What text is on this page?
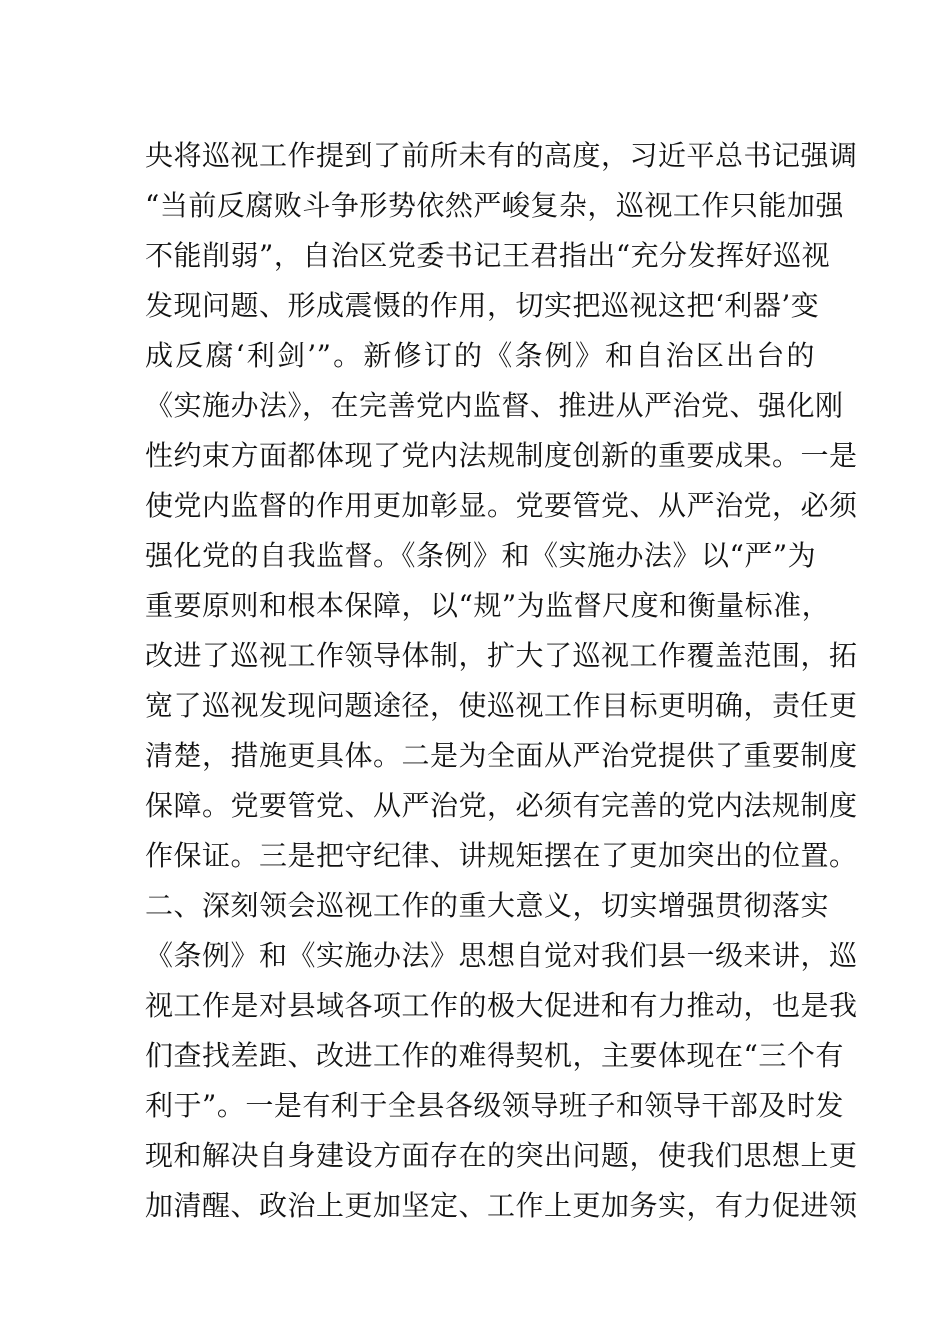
央将巡视工作提到了前所未有的高度，习近平总书记强调
“当前反腐败斗争形势依然严峻复杂，巡视工作只能加强
不能削弱”，自治区党委书记王君指出“充分发挥好巡视
发现问题、形成震慑的作用，切实把巡视这把‘利器’变
成反腐‘利剑’”。新修订的《条例》和自治区出台的
《实施办法》，在完善党内监督、推进从严治党、强化刚
性约束方面都体现了党内法规制度创新的重要成果。一是
使党内监督的作用更加彰显。党要管党、从严治党，必须
强化党的自我监督。《条例》和《实施办法》以“严”为
重要原则和根本保障，以“规”为监督尺度和衡量标准，
改进了巡视工作领导体制，扩大了巡视工作覆盖范围，拓
宽了巡视发现问题途径，使巡视工作目标更明确，责任更
清楚，措施更具体。二是为全面从严治党提供了重要制度
保障。党要管党、从严治党，必须有完善的党内法规制度
作保证。三是把守纪律、讲规矩摆在了更加突出的位置。
二、深刻领会巡视工作的重大意义，切实增强贯彻落实
《条例》和《实施办法》思想自觉对我们县一级来讲，巡
视工作是对县域各项工作的极大促进和有力推动，也是我
们查找差距、改进工作的难得契机，主要体现在“三个有
利于”。一是有利于全县各级领导班子和领导干部及时发
现和解决自身建设方面存在的突出问题，使我们思想上更
加清醒、政治上更加坚定、工作上更加务实，有力促进领
